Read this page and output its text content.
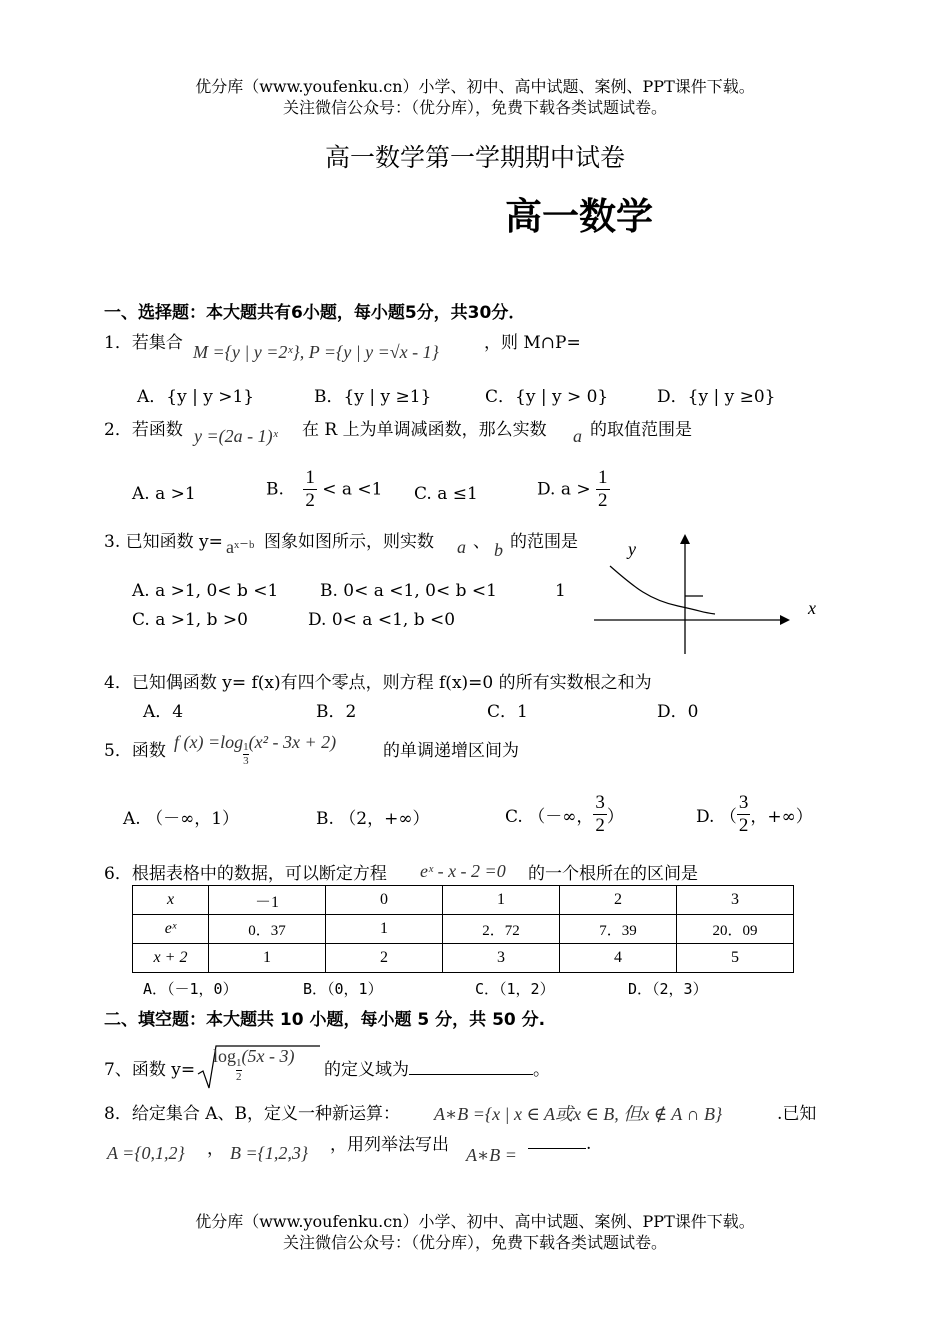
优分库（www.youfenku.cn）小学、初中、高中试题、案例、PPT课件下载。
关注微信公众号：（优分库），免费下载各类试题试卷。
高一数学第一学期期中试卷
高一数学
一、选择题：本大题共有6小题，每小题5分，共30分．
1．若集合 M ={y | y =2ˣ}, P ={y | y =√x - 1}	，则 M∩P=
A．{y | y >1}	B．{y | y ≥1}	C．{y | y > 0}	D．{y | y ≥0}
2．若函数 y =(2a - 1)ˣ 在 R 上为单调减函数，那么实数 a 的取值范围是
A. a >1	B. $\frac{1}{2} < a <1$ C. a ≤1	D. $a > \frac{1}{2}$
3. 已知函数 y= aˣ⁻ᵇ 图象如图所示，则实数 a 、 b 的范围是
A. a >1, 0< b <1 B. 0< a <1, 0< b <1
C. a >1, b >0	D. 0< a <1, b <0
y
x
1
4．已知偶函数 y= f(x)有四个零点，则方程 f(x)=0 的所有实数根之和为
A．4	B．2	C．1	D．0
5．函数 f $(x) =\log \frac{1}{3} (x^2 - 3x + 2)$	的单调递增区间为
A. （－∞，1）	B. （2，+∞）	C. （－∞， $\frac{3}{2}$ ）	D. （ $\frac{3}{2}$ ，+∞）
6．根据表格中的数据，可以断定方程 eˣ - x - 2 =0 的一个根所在的区间是
x	－1	0	1	2	3
eˣ	0．37	1	2．72	7．39	20．09
x + 2	1	2	3	4	5
A．（－1，0）	B．（0，1）	C．（1，2）	D．（2，3）
二、填空题：本大题共 10 小题，每小题 5 分，共 50 分.
7、函数 y=
log
$\frac{1}{2}$
(5x - 3)
的定义域为	。
8．给定集合 A、B，定义一种新运算： A∗B ={x | x ∈ A或x ∈ B, 但x ∉ A ∩ B}	.已知
A ={0,1,2} ， B ={1,2,3} ，用列举法写出 A∗B =
.
优分库（www.youfenku.cn）小学、初中、高中试题、案例、PPT课件下载。
关注微信公众号：（优分库），免费下载各类试题试卷。
